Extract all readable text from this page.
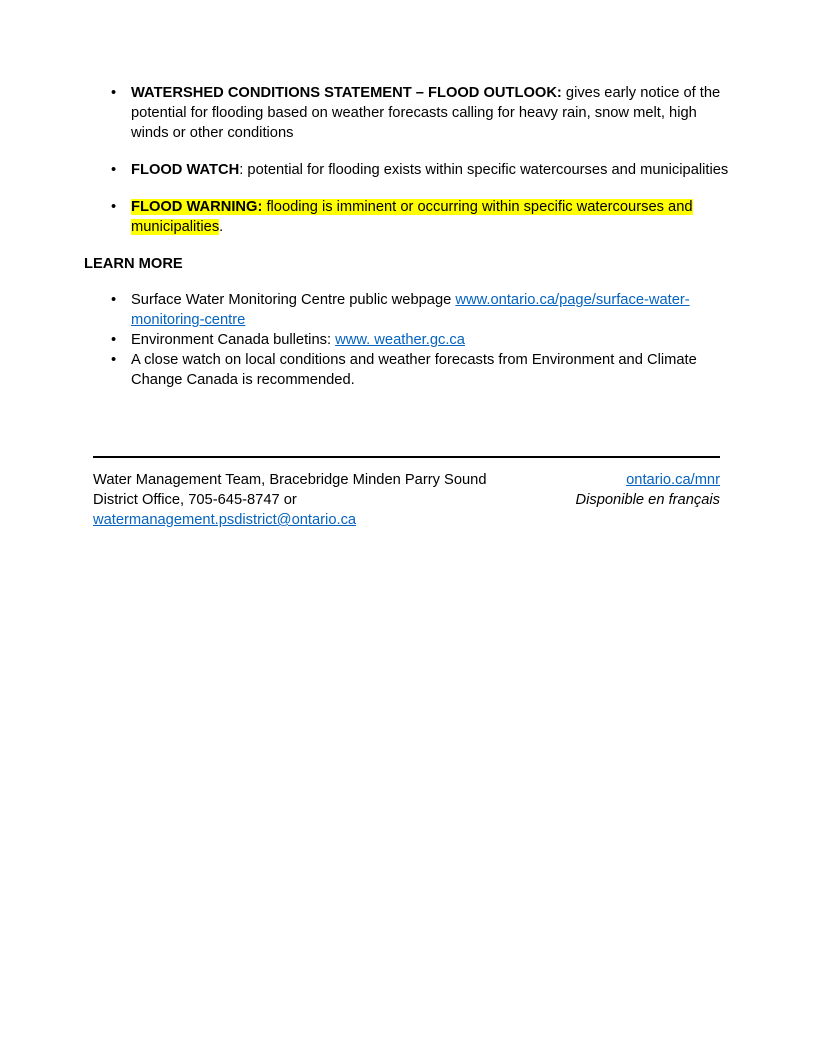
• WATERSHED CONDITIONS STATEMENT – FLOOD OUTLOOK: gives early notice of the potential for flooding based on weather forecasts calling for heavy rain, snow melt, high winds or other conditions
• FLOOD WATCH: potential for flooding exists within specific watercourses and municipalities
• FLOOD WARNING: flooding is imminent or occurring within specific watercourses and municipalities.
LEARN MORE
• Surface Water Monitoring Centre public webpage www.ontario.ca/page/surface-water-monitoring-centre
• Environment Canada bulletins: www. weather.gc.ca
• A close watch on local conditions and weather forecasts from Environment and Climate Change Canada is recommended.
Water Management Team, Bracebridge Minden Parry Sound District Office, 705-645-8747 or watermanagement.psdistrict@ontario.ca
ontario.ca/mnr
Disponible en français
